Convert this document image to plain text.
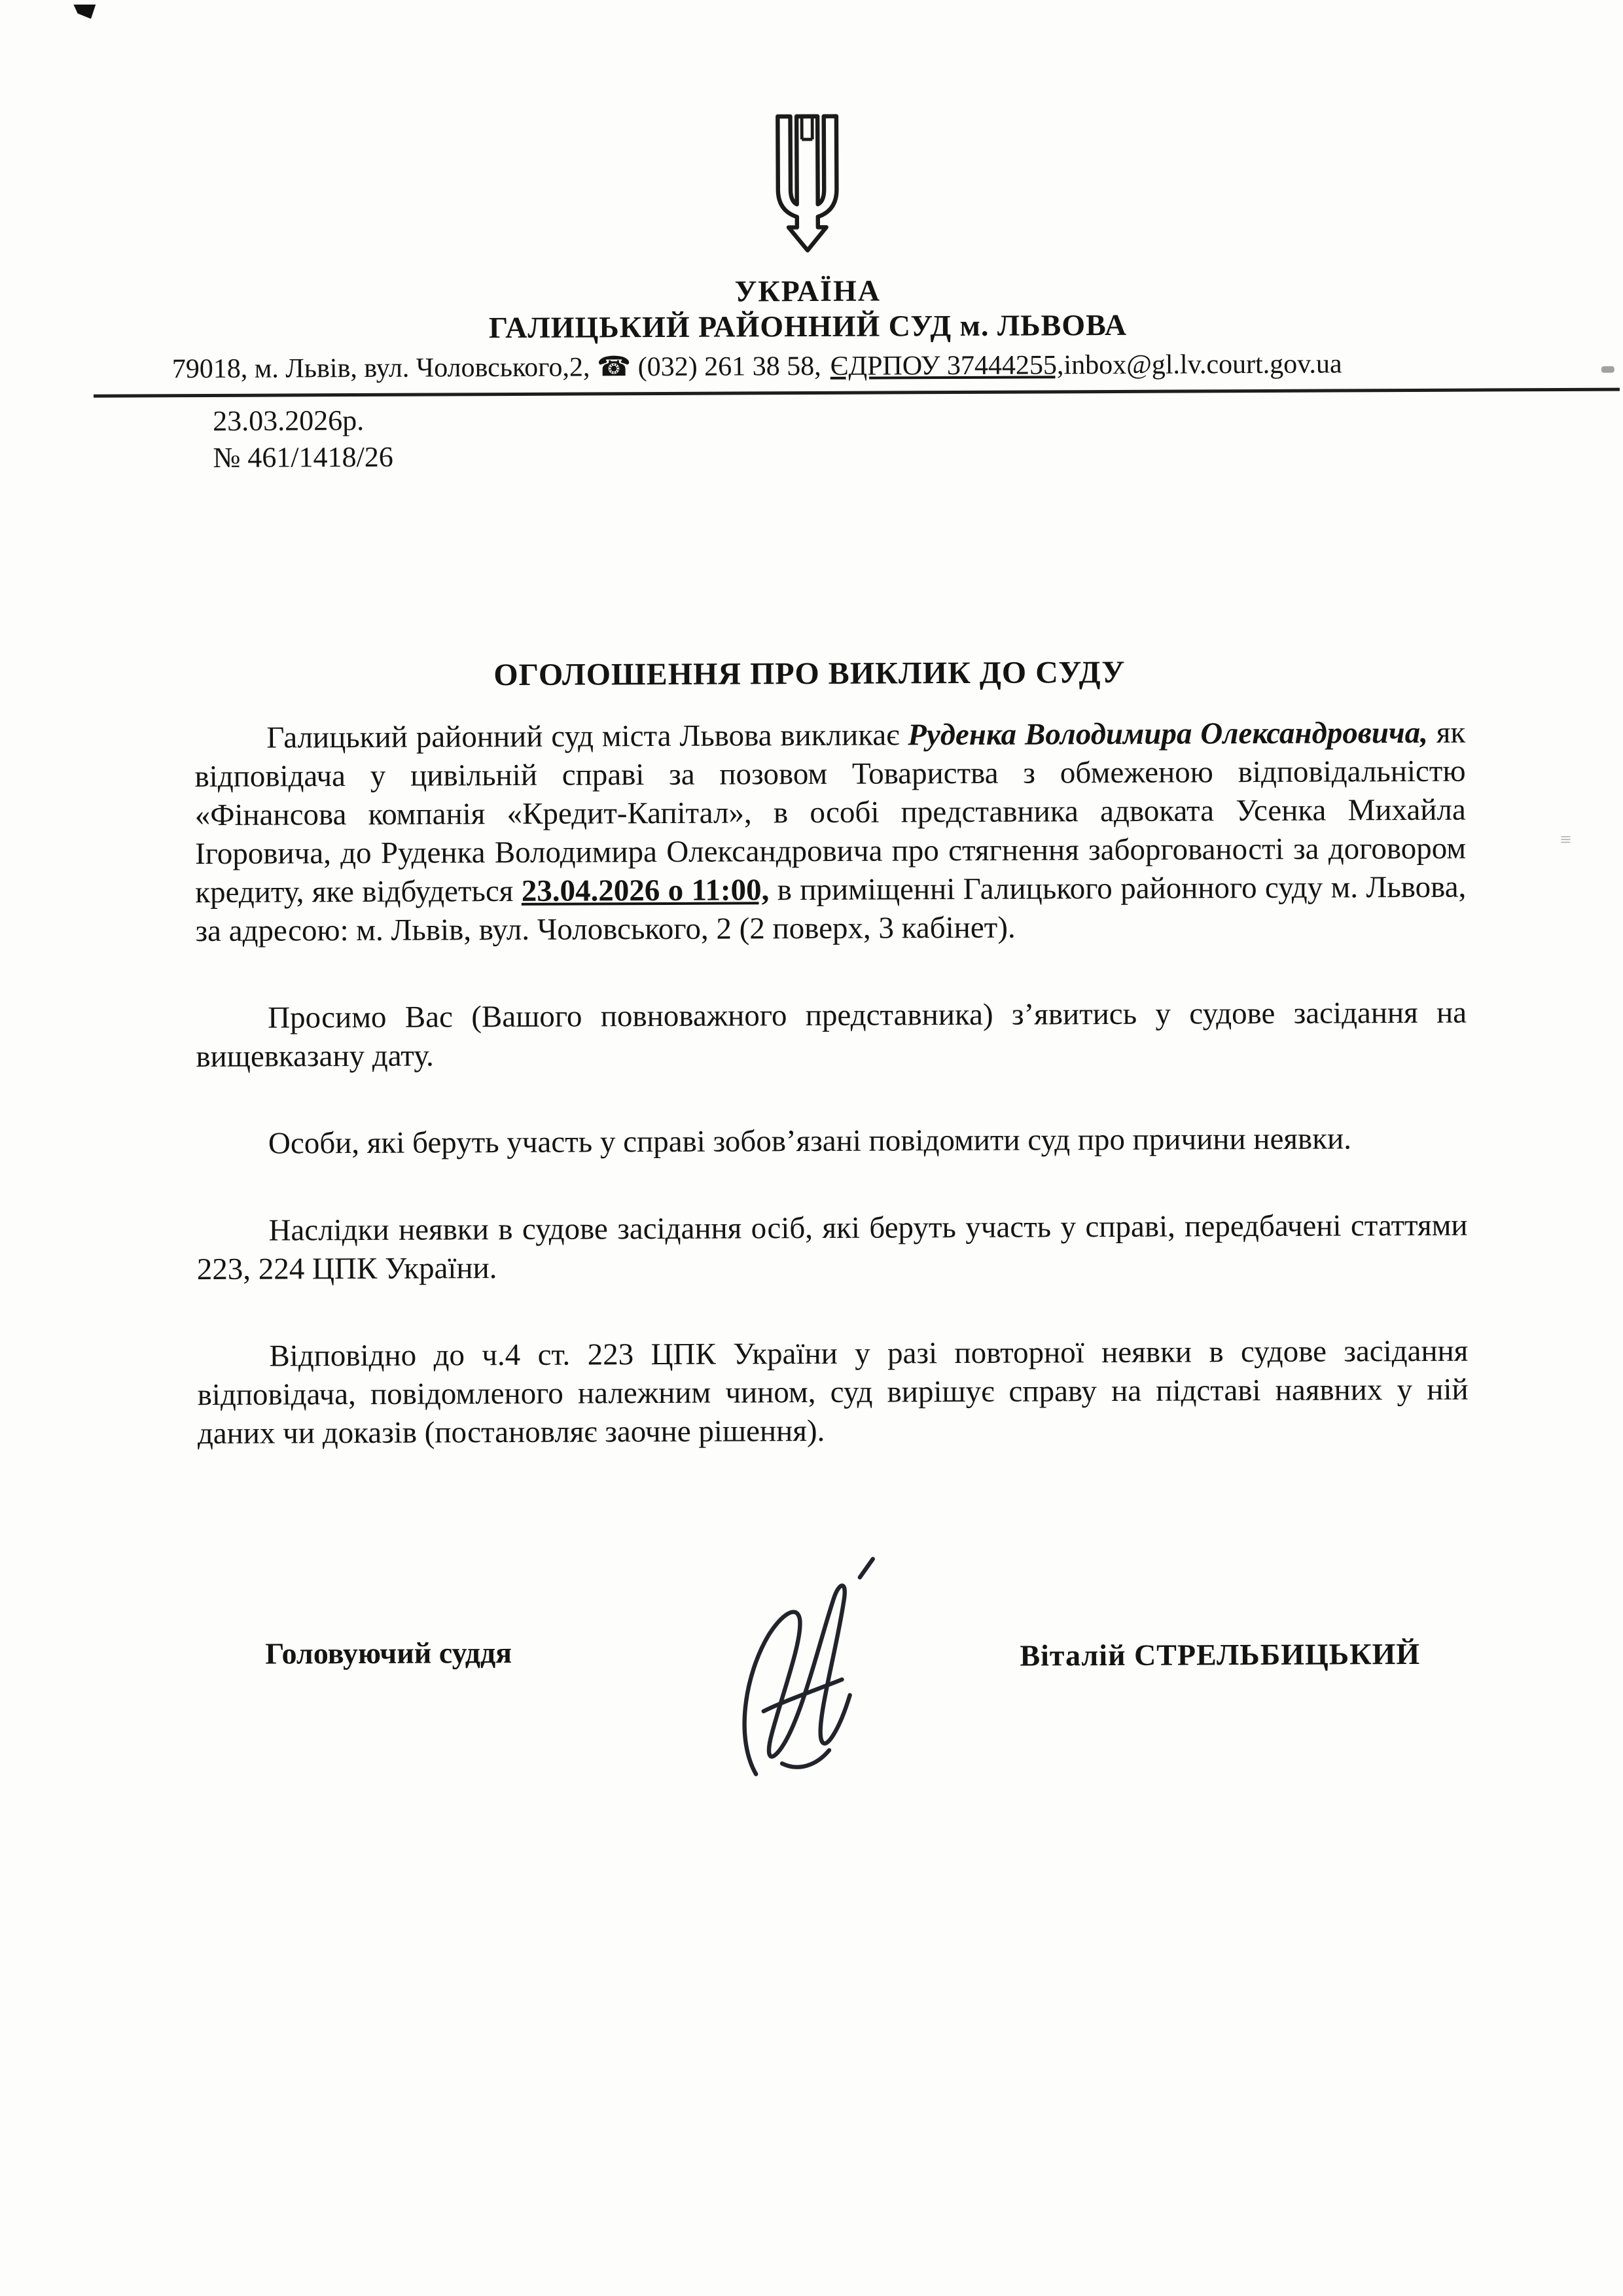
УКРАЇНА
ГАЛИЦЬКИЙ РАЙОННИЙ СУД м. ЛЬВОВА
79018, м. Львів, вул. Чоловського,2, ☎ (032) 261 38 58, ЄДРПОУ 37444255,inbox@gl.lv.court.gov.ua
23.03.2026р.
№ 461/1418/26
ОГОЛОШЕННЯ ПРО ВИКЛИК ДО СУДУ

Галицький районний суд міста Львова викликає Руденка Володимира Олександровича, як відповідача у цивільній справі за позовом Товариства з обмеженою відповідальністю «Фінансова компанія «Кредит-Капітал», в особі представника адвоката Усенка Михайла Ігоровича, до Руденка Володимира Олександровича про стягнення заборгованості за договором кредиту, яке відбудеться 23.04.2026 о 11:00, в приміщенні Галицького районного суду м. Львова, за адресою: м. Львів, вул. Чоловського, 2 (2 поверх, 3 кабінет).

Просимо Вас (Вашого повноважного представника) з’явитись у судове засідання на вищевказану дату.

Особи, які беруть участь у справі зобов’язані повідомити суд про причини неявки.

Наслідки неявки в судове засідання осіб, які беруть участь у справі, передбачені статтями 223, 224 ЦПК України.

Відповідно до ч.4 ст. 223 ЦПК України у разі повторної неявки в судове засідання відповідача, повідомленого належним чином, суд вирішує справу на підставі наявних у ній даних чи доказів (постановляє заочне рішення).

Головуючий суддя	Віталій СТРЕЛЬБИЦЬКИЙ
﻿≡
